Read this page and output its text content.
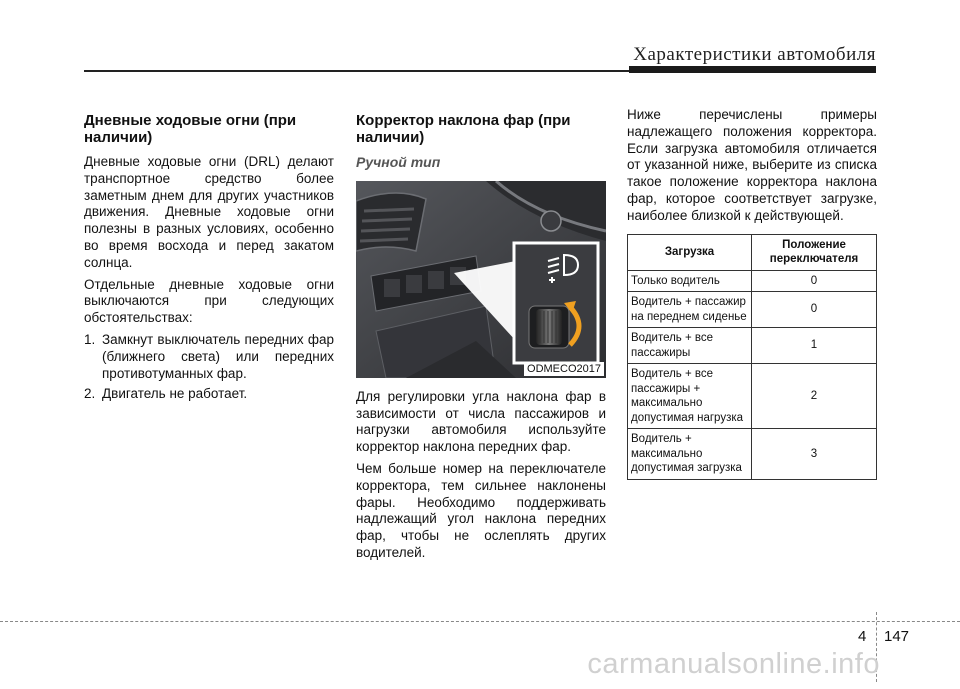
Характеристики автомобиля
Дневные ходовые огни (при наличии)

Дневные ходовые огни (DRL) делают транспортное средство более заметным днем для других участников движения. Дневные ходовые огни полезны в разных условиях, особенно во время восхода и перед закатом солнца.

Отдельные дневные ходовые огни выключаются при следующих обстоятельствах:

1. Замкнут выключатель передних фар (ближнего света) или передних противотуманных фар.
2. Двигатель не работает.
Корректор наклона фар (при наличии)
Ручной тип
ODMECO2017

Для регулировки угла наклона фар в зависимости от числа пассажиров и нагрузки автомобиля используйте корректор наклона передних фар.

Чем больше номер на переключателе корректора, тем сильнее наклонены фары. Необходимо поддерживать надлежащий угол наклона передних фар, чтобы не ослеплять других водителей.

Ниже перечислены примеры надлежащего положения корректора. Если загрузка автомобиля отличается от указанной ниже, выберите из списка такое положение корректора наклона фар, которое соответствует загрузке, наиболее близкой к действующей.

Загрузка	Положение переключателя
Только водитель	0
Водитель + пассажир на переднем сиденье	0
Водитель + все пассажиры	1
Водитель + все пассажиры + максимально допустимая нагрузка	2
Водитель + максимально допустимая загрузка	3
4 147
carmanualsonline.info
